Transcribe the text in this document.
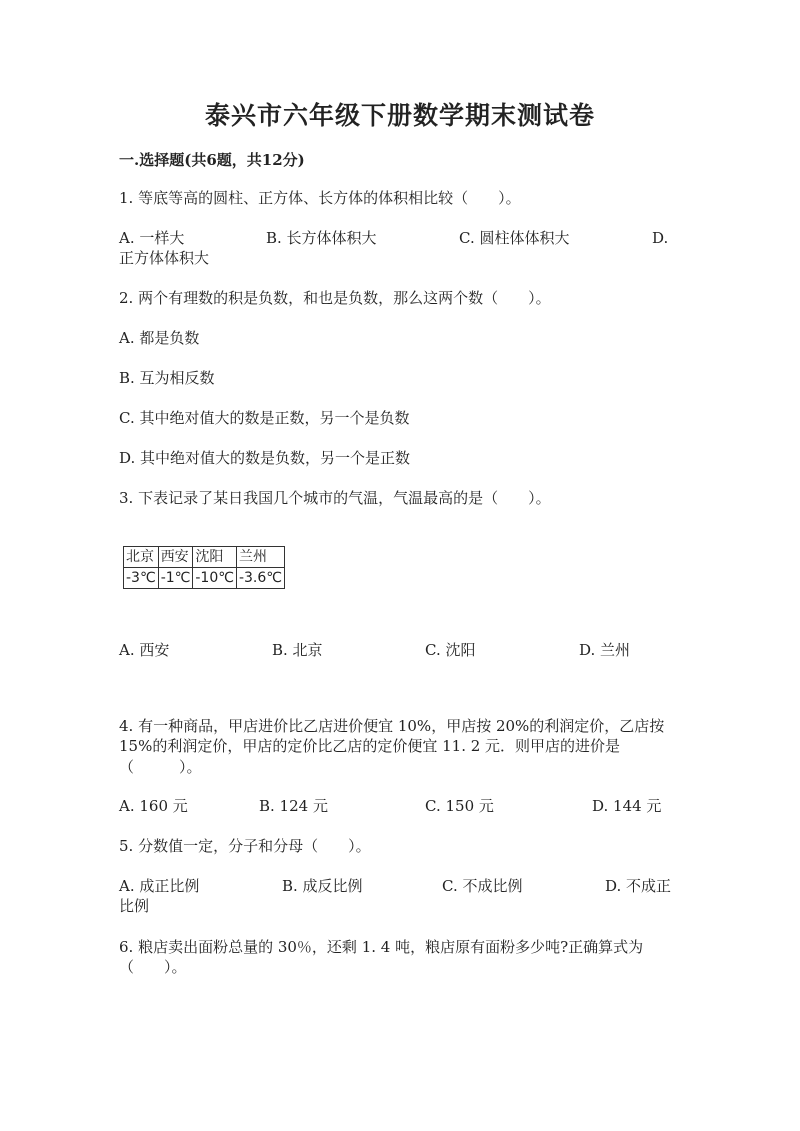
泰兴市六年级下册数学期末测试卷
一.选择题(共6题，共12分)
1. 等底等高的圆柱、正方体、长方体的体积相比较（　　）。
A. 一样大	B. 长方体体积大	C. 圆柱体体积大	D.
正方体体积大
2. 两个有理数的积是负数，和也是负数，那么这两个数（　　）。
A. 都是负数
B. 互为相反数
C. 其中绝对值大的数是正数，另一个是负数
D. 其中绝对值大的数是负数，另一个是正数
3. 下表记录了某日我国几个城市的气温，气温最高的是（　　）。
北京	西安	沈阳	兰州
-3℃	-1℃	-10℃	-3.6℃
A. 西安	B. 北京	C. 沈阳	D. 兰州
4. 有一种商品，甲店进价比乙店进价便宜 10%，甲店按 20%的利润定价，乙店按
15%的利润定价，甲店的定价比乙店的定价便宜 11. 2 元．则甲店的进价是
（　　　）。
A. 160 元	B. 124 元	C. 150 元	D. 144 元
5. 分数值一定，分子和分母（　　）。
A. 成正比例	B. 成反比例	C. 不成比例	D. 不成正
比例
6. 粮店卖出面粉总量的 30％，还剩 1. 4 吨，粮店原有面粉多少吨?正确算式为
（　　）。
